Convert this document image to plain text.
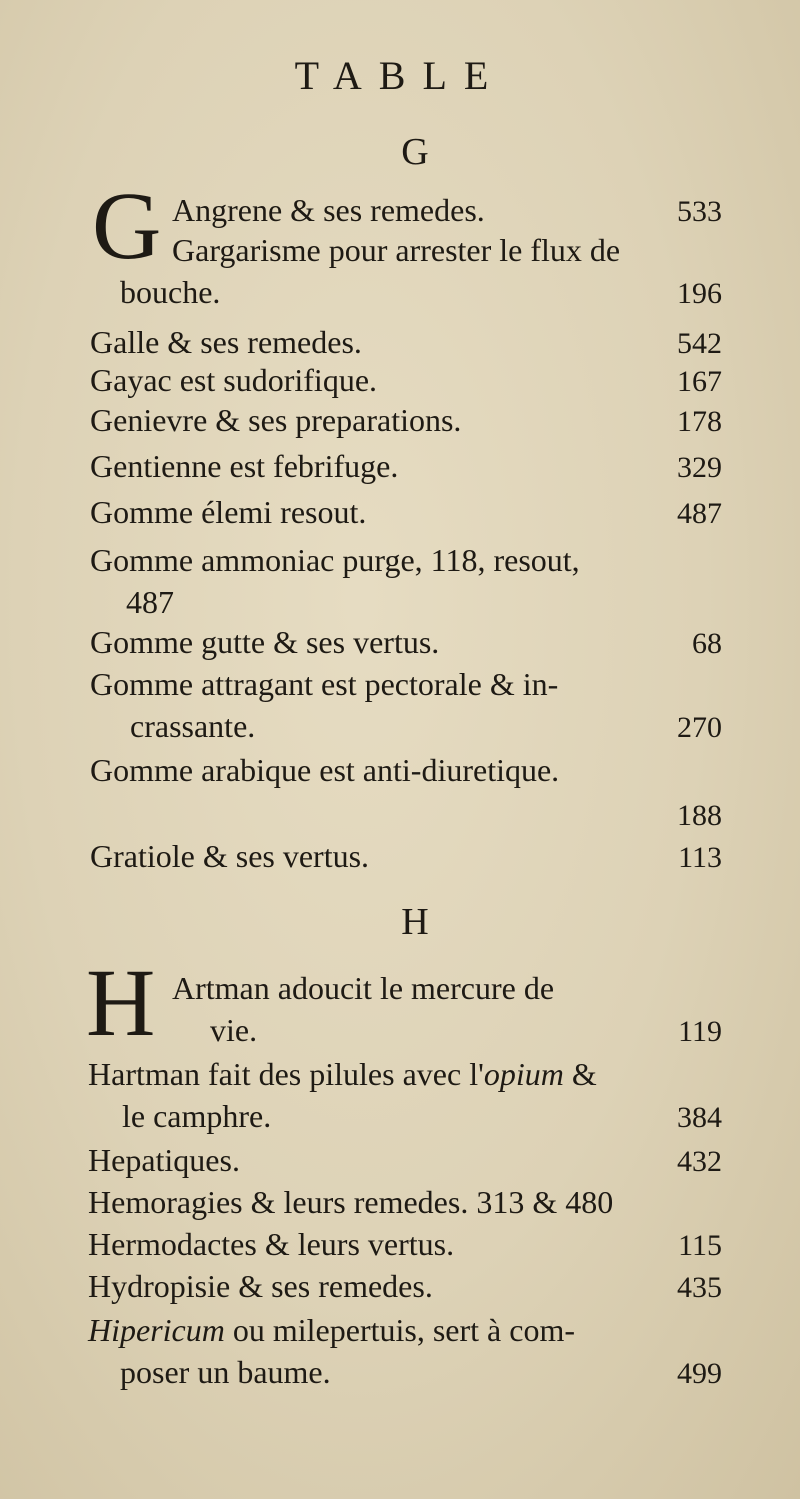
TABLE
G
H
G
H
Angrene & ses remedes.	533
Gargarisme pour arrester le flux de
bouche.	196
Galle & ses remedes.	542
Gayac est sudorifique.	167
Genievre & ses preparations.	178
Gentienne est febrifuge.	329
Gomme élemi resout.	487
Gomme ammoniac purge, 118, resout,
487
Gomme gutte & ses vertus.	68
Gomme attragant est pectorale & in-
crassante.	270
Gomme arabique est anti-diuretique.
188
Gratiole & ses vertus.	113
Artman adoucit le mercure de
vie.	119
Hartman fait des pilules avec l'opium &
le camphre.	384
Hepatiques.	432
Hemoragies & leurs remedes. 313 & 480
Hermodactes & leurs vertus.	115
Hydropisie & ses remedes.	435
Hipericum ou milepertuis, sert à com-
poser un baume.	499
